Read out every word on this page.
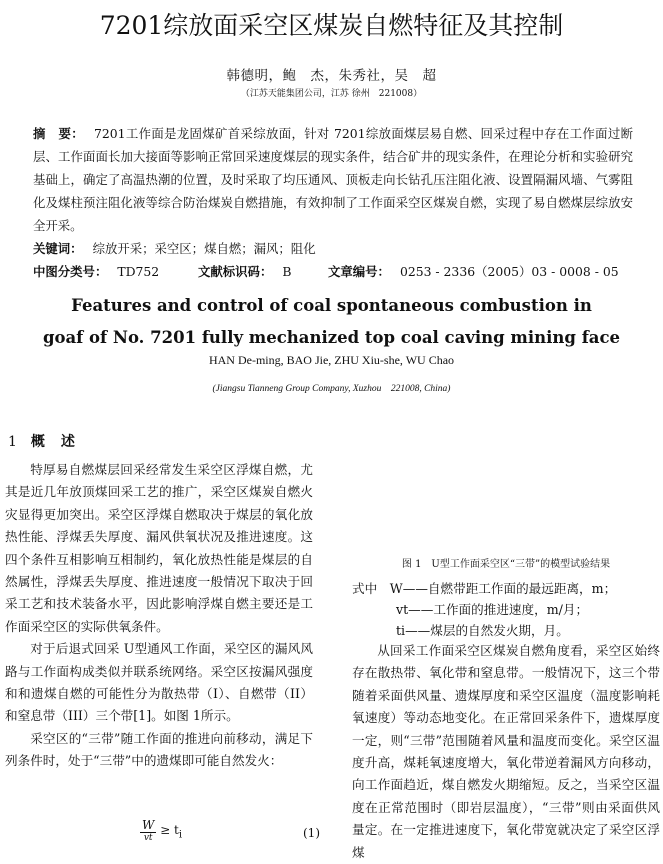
7201综放面采空区煤炭自燃特征及其控制
韩德明，鲍　杰，朱秀社，吴　超
（江苏天能集团公司，江苏 徐州　221008）
摘　要： 7201工作面是龙固煤矿首采综放面，针对 7201综放面煤层易自燃、回采过程中存在工作面过断层、工作面面长加大接面等影响正常回采速度煤层的现实条件，结合矿井的现实条件，在理论分析和实验研究基础上，确定了高温热潮的位置，及时采取了均压通风、顶板走向长钻孔压注阻化液、设置隔漏风墙、气雾阻化及煤柱预注阻化液等综合防治煤炭自燃措施，有效抑制了工作面采空区煤炭自燃，实现了易自燃煤层综放安全开采。
关键词： 综放开采；采空区；煤自燃；漏风；阻化
中图分类号： TD752	文献标识码： B	文章编号： 0253 - 2336（2005）03 - 0008 - 05
Features and control of coal spontaneous combustion in
goaf of No. 7201 fully mechanized top coal caving mining face
HAN De-ming, BAO Jie, ZHU Xiu-she, WU Chao
(Jiangsu Tianneng Group Company, Xuzhou　221008, China)
1 概述
特厚易自燃煤层回采经常发生采空区浮煤自燃，尤其是近几年放顶煤回采工艺的推广，采空区煤炭自燃火灾显得更加突出。采空区浮煤自燃取决于煤层的氧化放热性能、浮煤丢失厚度、漏风供氧状况及推进速度。这四个条件互相影响互相制约，氧化放热性能是煤层的自然属性，浮煤丢失厚度、推进速度一般情况下取决于回采工艺和技术装备水平，因此影响浮煤自燃主要还是工作面采空区的实际供氧条件。
对于后退式回采 U型通风工作面，采空区的漏风风路与工作面构成类似并联系统网络。采空区按漏风强度和和遗煤自燃的可能性分为散热带（I）、自燃带（II）和窒息带（III）三个带[1]。如图 1所示。
采空区的“三带”随工作面的推进向前移动，满足下列条件时，处于“三带”中的遗煤即可能自然发火：
$\frac{W}{vt} \ge t_i$	(1)
图 1　U型工作面采空区“三带”的模型试验结果
式中　W——自燃带距工作面的最远距离，m；
vt——工作面的推进速度，m/月；
ti——煤层的自然发火期，月。
从回采工作面采空区煤炭自燃角度看，采空区始终存在散热带、氧化带和窒息带。一般情况下，这三个带随着采面供风量、遗煤厚度和采空区温度（温度影响耗氧速度）等动态地变化。在正常回采条件下，遗煤厚度一定，则“三带”范围随着风量和温度而变化。采空区温度升高，煤耗氧速度增大，氧化带逆着漏风方向移动，向工作面趋近，煤自燃发火期缩短。反之，当采空区温度在正常范围时（即岩层温度），“三带”则由采面供风量定。在一定推进速度下，氧化带宽就决定了采空区浮煤
